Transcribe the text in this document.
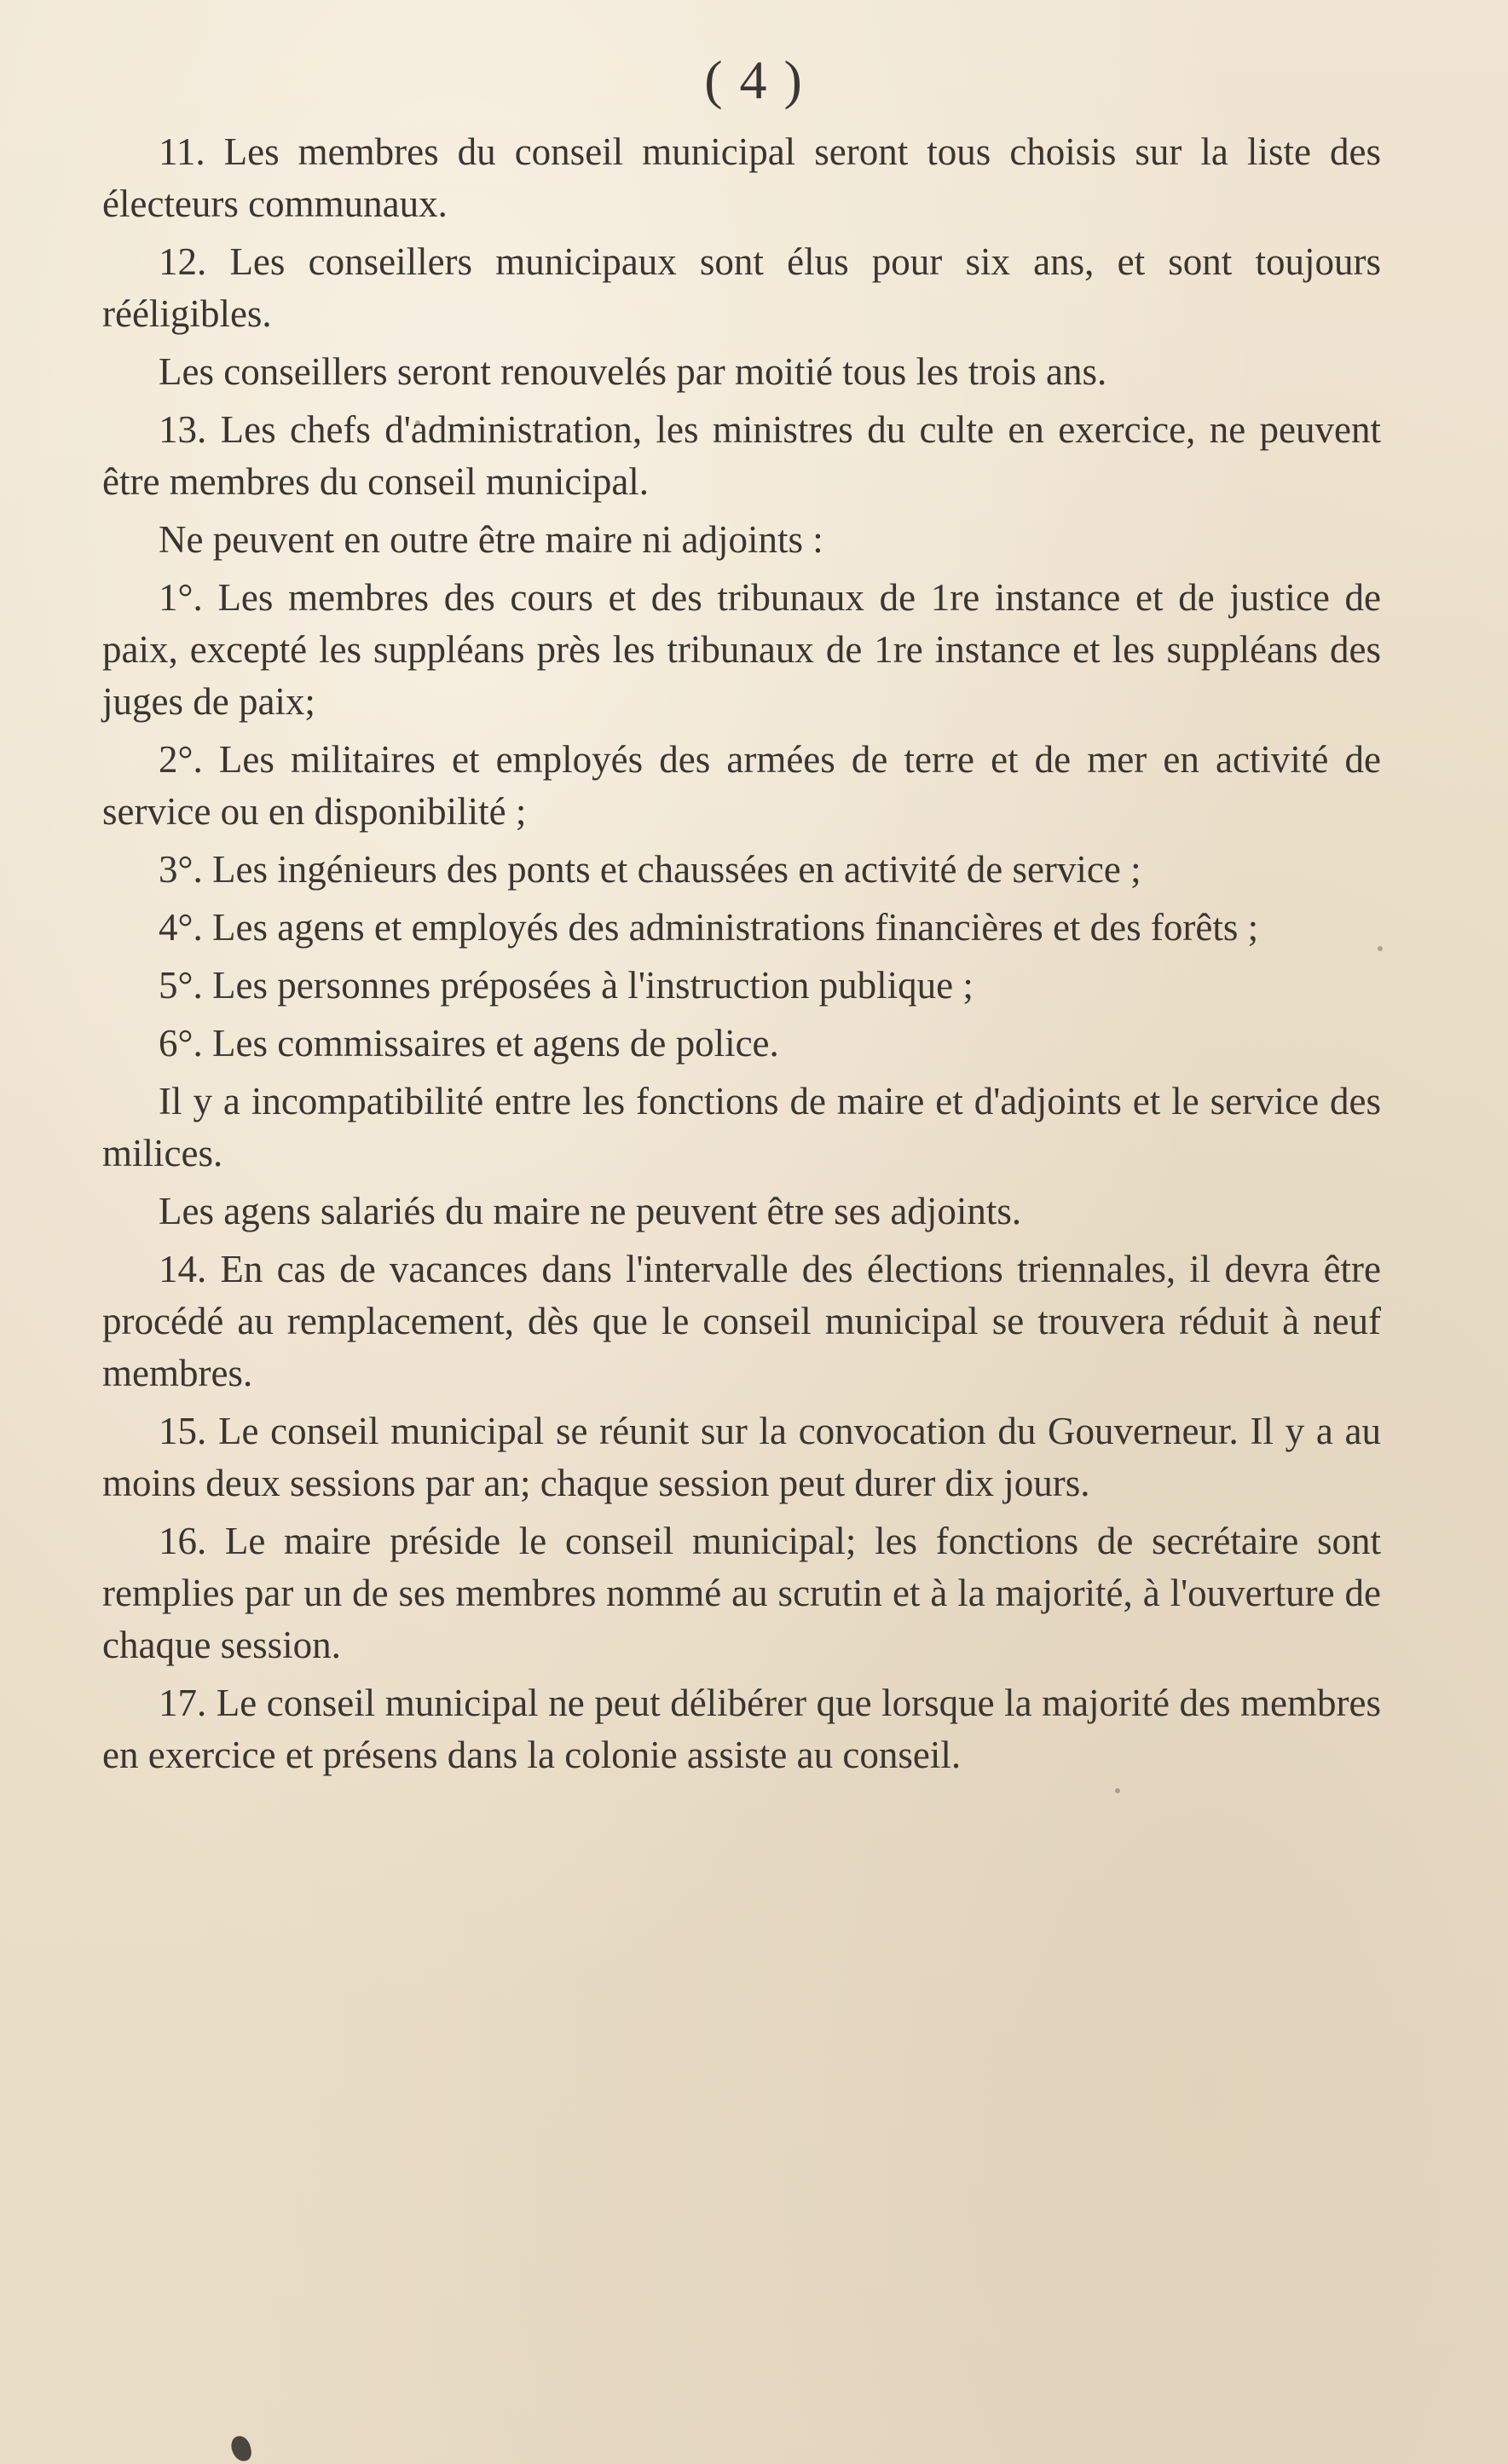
( 4 )

11. Les membres du conseil municipal seront tous choisis sur la liste des électeurs communaux.

12. Les conseillers municipaux sont élus pour six ans, et sont toujours rééligibles.

Les conseillers seront renouvelés par moitié tous les trois ans.

13. Les chefs d'administration, les ministres du culte en exercice, ne peuvent être membres du conseil municipal.

Ne peuvent en outre être maire ni adjoints :

1°. Les membres des cours et des tribunaux de 1re instance et de justice de paix, excepté les suppléans près les tribunaux de 1re instance et les suppléans des juges de paix;

2°. Les militaires et employés des armées de terre et de mer en activité de service ou en disponibilité ;

3°. Les ingénieurs des ponts et chaussées en activité de service ;

4°. Les agens et employés des administrations financières et des forêts ;

5°. Les personnes préposées à l'instruction publique ;

6°. Les commissaires et agens de police.

Il y a incompatibilité entre les fonctions de maire et d'adjoints et le service des milices.

Les agens salariés du maire ne peuvent être ses adjoints.

14. En cas de vacances dans l'intervalle des élections triennales, il devra être procédé au remplacement, dès que le conseil municipal se trouvera réduit à neuf membres.

15. Le conseil municipal se réunit sur la convocation du Gouverneur. Il y a au moins deux sessions par an; chaque session peut durer dix jours.

16. Le maire préside le conseil municipal; les fonctions de secrétaire sont remplies par un de ses membres nommé au scrutin et à la majorité, à l'ouverture de chaque session.

17. Le conseil municipal ne peut délibérer que lorsque la majorité des membres en exercice et présens dans la colonie assiste au conseil.
